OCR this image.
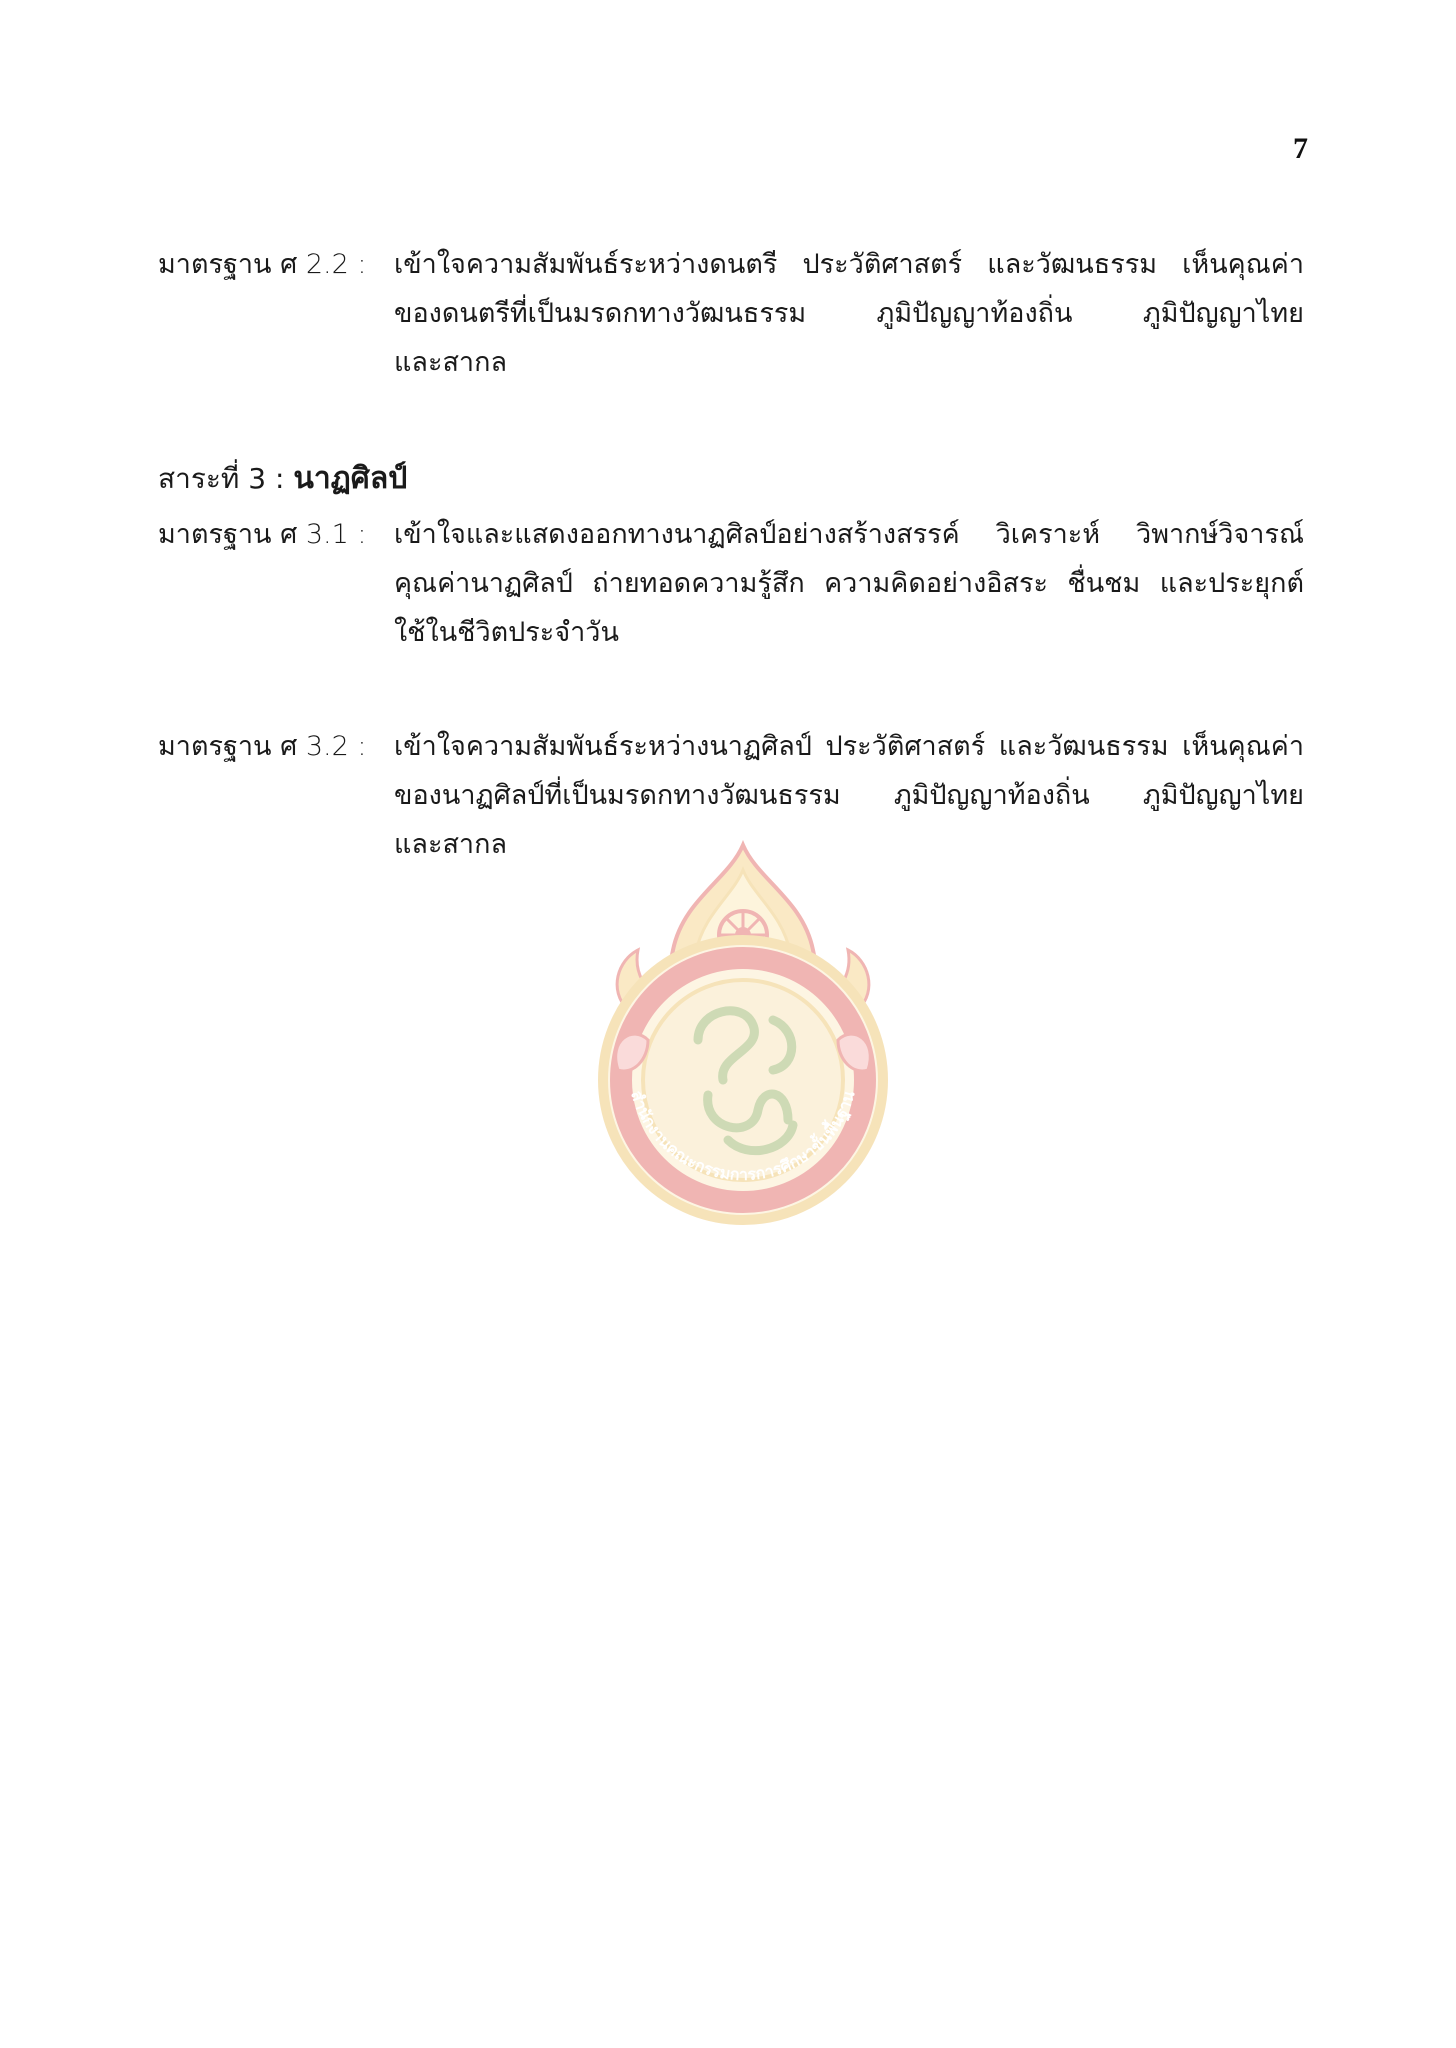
7
มาตรฐาน ศ 2.2 : เข้าใจความสัมพันธ์ระหว่างดนตรี ประวัติศาสตร์ และวัฒนธรรม เห็นคุณค่า
ของดนตรีที่เป็นมรดกทางวัฒนธรรม ภูมิปัญญาท้องถิ่น ภูมิปัญญาไทย
และสากล
สาระที่ 3 : นาฏศิลป์
มาตรฐาน ศ 3.1 : เข้าใจและแสดงออกทางนาฏศิลป์อย่างสร้างสรรค์ วิเคราะห์ วิพากษ์วิจารณ์
คุณค่านาฏศิลป์ ถ่ายทอดความรู้สึก ความคิดอย่างอิสระ ชื่นชม และประยุกต์
ใช้ในชีวิตประจำวัน
มาตรฐาน ศ 3.2 : เข้าใจความสัมพันธ์ระหว่างนาฏศิลป์ ประวัติศาสตร์ และวัฒนธรรม เห็นคุณค่า
ของนาฏศิลป์ที่เป็นมรดกทางวัฒนธรรม ภูมิปัญญาท้องถิ่น ภูมิปัญญาไทย
และสากล
สำนักงานคณะกรรมการการศึกษาขั้นพื้นฐาน
